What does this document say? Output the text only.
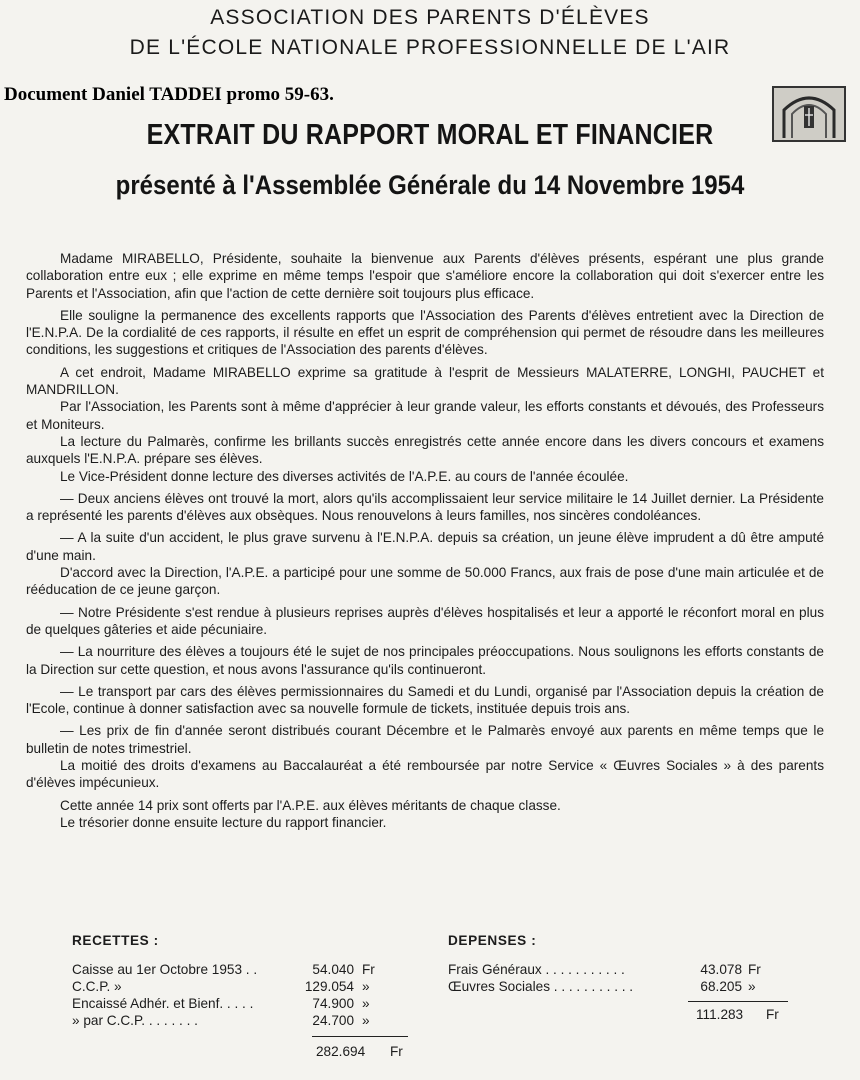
ASSOCIATION DES PARENTS D'ÉLÈVES
DE L'ÉCOLE NATIONALE PROFESSIONNELLE DE L'AIR
Document Daniel TADDEI promo 59-63.
EXTRAIT DU RAPPORT MORAL ET FINANCIER
présenté à l'Assemblée Générale du 14 Novembre 1954

Madame MIRABELLO, Présidente, souhaite la bienvenue aux Parents d'élèves présents, espérant une plus grande collaboration entre eux ; elle exprime en même temps l'espoir que s'améliore encore la collaboration qui doit s'exercer entre les Parents et l'Association, afin que l'action de cette dernière soit toujours plus efficace.

Elle souligne la permanence des excellents rapports que l'Association des Parents d'élèves entretient avec la Direction de l'E.N.P.A. De la cordialité de ces rapports, il résulte en effet un esprit de compréhension qui permet de résoudre dans les meilleures conditions, les suggestions et critiques de l'Association des parents d'élèves.

A cet endroit, Madame MIRABELLO exprime sa gratitude à l'esprit de Messieurs MALATERRE, LONGHI, PAUCHET et MANDRILLON.

Par l'Association, les Parents sont à même d'apprécier à leur grande valeur, les efforts constants et dévoués, des Professeurs et Moniteurs.

La lecture du Palmarès, confirme les brillants succès enregistrés cette année encore dans les divers concours et examens auxquels l'E.N.P.A. prépare ses élèves.

Le Vice-Président donne lecture des diverses activités de l'A.P.E. au cours de l'année écoulée.

— Deux anciens élèves ont trouvé la mort, alors qu'ils accomplissaient leur service militaire le 14 Juillet dernier. La Présidente a représenté les parents d'élèves aux obsèques. Nous renouvelons à leurs familles, nos sincères condoléances.

— A la suite d'un accident, le plus grave survenu à l'E.N.P.A. depuis sa création, un jeune élève imprudent a dû être amputé d'une main.

D'accord avec la Direction, l'A.P.E. a participé pour une somme de 50.000 Francs, aux frais de pose d'une main articulée et de rééducation de ce jeune garçon.

— Notre Présidente s'est rendue à plusieurs reprises auprès d'élèves hospitalisés et leur a apporté le réconfort moral en plus de quelques gâteries et aide pécuniaire.

— La nourriture des élèves a toujours été le sujet de nos principales préoccupations. Nous soulignons les efforts constants de la Direction sur cette question, et nous avons l'assurance qu'ils continueront.

— Le transport par cars des élèves permissionnaires du Samedi et du Lundi, organisé par l'Association depuis la création de l'Ecole, continue à donner satisfaction avec sa nouvelle formule de tickets, instituée depuis trois ans.

— Les prix de fin d'année seront distribués courant Décembre et le Palmarès envoyé aux parents en même temps que le bulletin de notes trimestriel.

La moitié des droits d'examens au Baccalauréat a été remboursée par notre Service « Œuvres Sociales » à des parents d'élèves impécunieux.

Cette année 14 prix sont offerts par l'A.P.E. aux élèves méritants de chaque classe.

Le trésorier donne ensuite lecture du rapport financier.

RECETTES :
Caisse au 1er Octobre 1953 . .	54.040 Fr
C.C.P. »	129.054 »
Encaissé Adhér. et Bienf. . . . .	74.900 »
» par C.C.P. . . . . . . .	24.700 »
282.694 Fr
DEPENSES :
Frais Généraux . . . . . . . . . . .	43.078 Fr
Œuvres Sociales . . . . . . . . . . .	68.205 »
111.283 Fr
